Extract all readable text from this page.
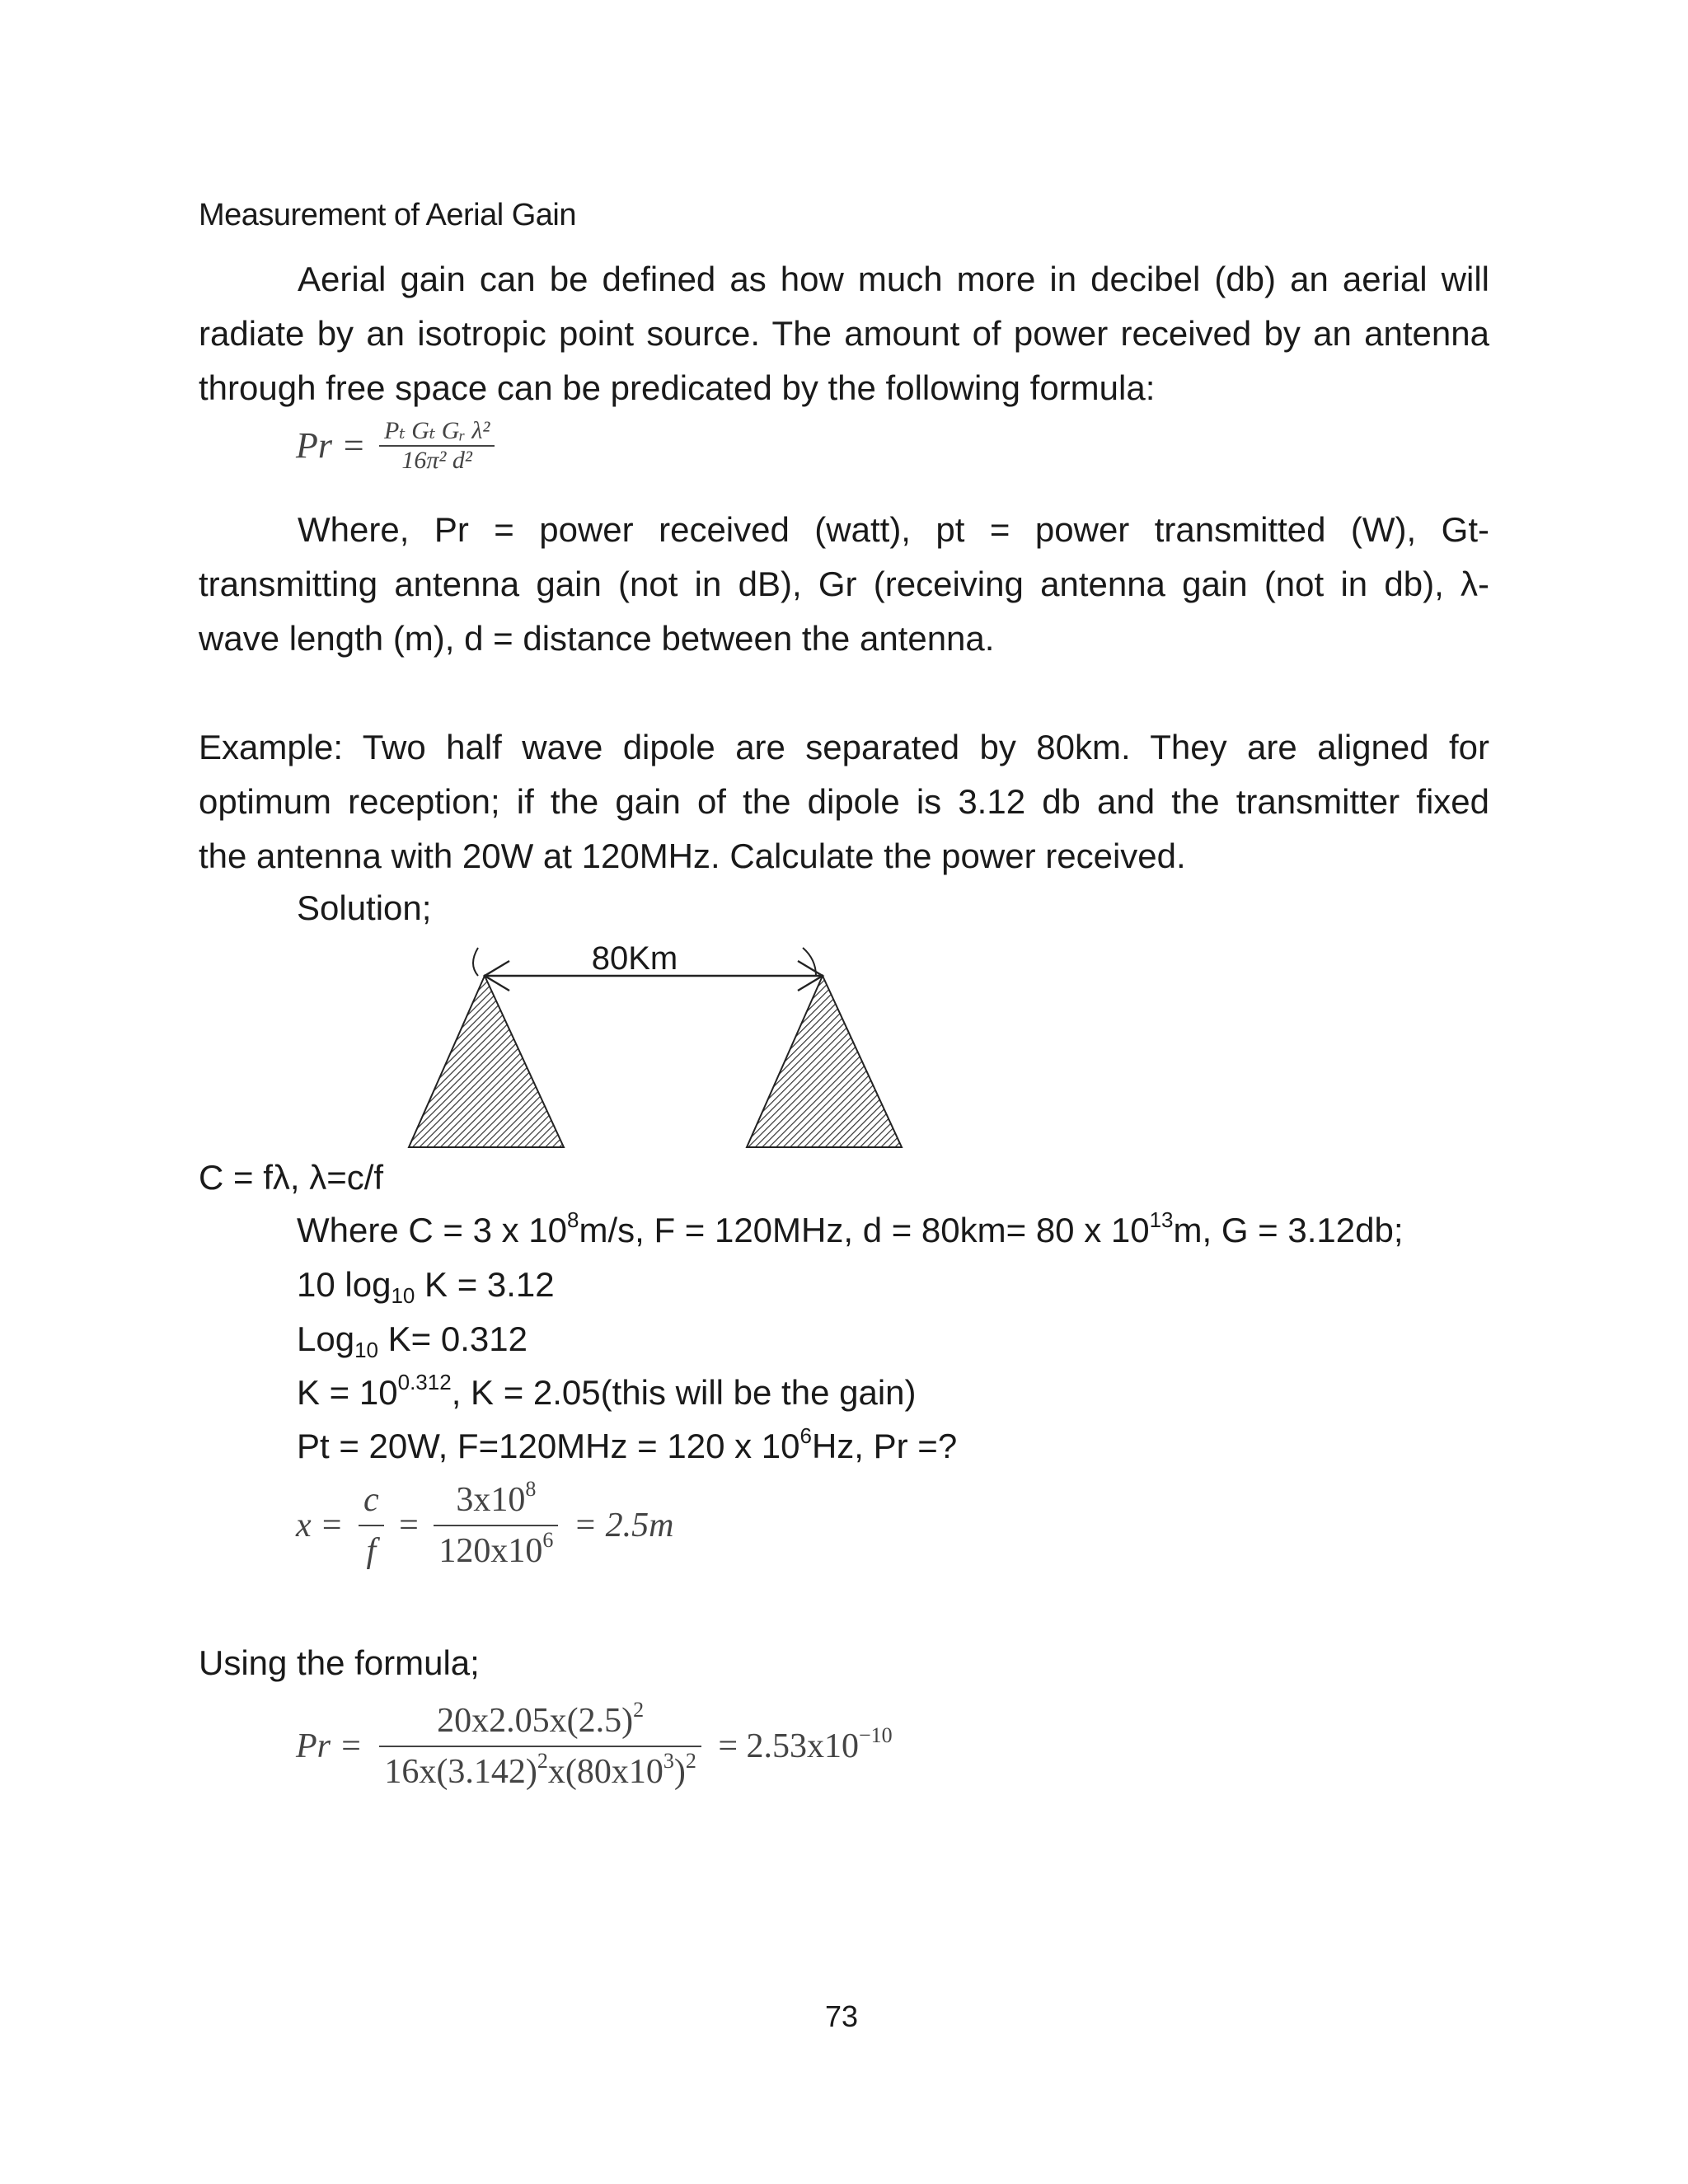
Measurement of Aerial Gain
Aerial gain can be defined as how much more in decibel (db) an aerial will
radiate by an isotropic point source. The amount of power received by an antenna
through free space can be predicated by the following formula:
$Pr = \frac{\text{Pₜ Gₜ Gᵣ λ²}}{\text{16π² d²}}$
Where, Pr = power received (watt), pt = power transmitted (W), Gt-
transmitting antenna gain (not in dB), Gr (receiving antenna gain (not in db), λ-
wave length (m), d = distance between the antenna.
Example: Two half wave dipole are separated by 80km. They are aligned for
optimum reception; if the gain of the dipole is 3.12 db and the transmitter fixed
the antenna with 20W at 120MHz. Calculate the power received.
Solution;
80Km
C = fλ, λ=c/f
Where C = 3 x $10^8m/s$, F = 120MHz, d = 80km= 80 x $10^{13}m$, G = 3.12db;
10 $\log_{10} K = 3.12$
Log$_{10}$ K= 0.312
$K = 10^{0.312}$, K = 2.05(this will be the gain)
Pt = 20W, F=120MHz = 120 x $10^6Hz$, Pr =?
$x = \frac{c}{f} = \frac{3x10^8}{120x10^6} = 2.5m$
Using the formula;
$Pr = \frac{20x2.05x(2.5)^2}{16x(3.142)^2x(80x10^3)^2} = 2.53x10^{-10}$
73
